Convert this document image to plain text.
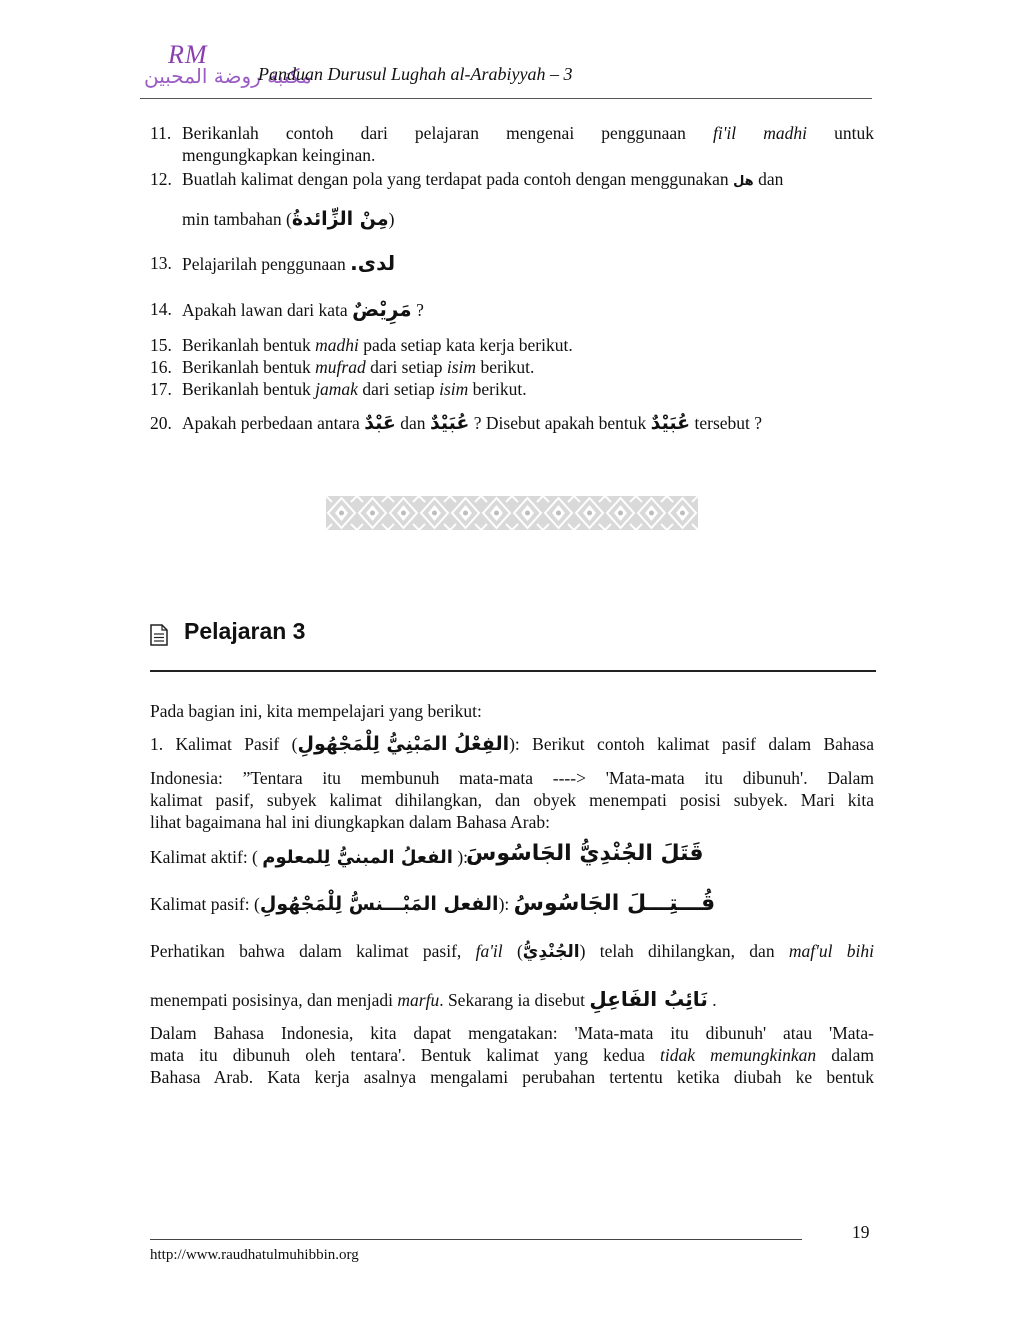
RM
مكتبة روضة المحبين
Panduan Durusul Lughah al-Arabiyyah – 3
11. Berikanlah contoh dari pelajaran mengenai penggunaan fi'il madhi untuk
mengungkapkan keinginan.
12. Buatlah kalimat dengan pola yang terdapat pada contoh dengan menggunakan هل dan
min tambahan (مِنْ الزِّائدةُ)
13. Pelajarilah penggunaan لدى.
14. Apakah lawan dari kata مَرِيْضٌ ?
15. Berikanlah bentuk madhi pada setiap kata kerja berikut.
16. Berikanlah bentuk mufrad dari setiap isim berikut.
17. Berikanlah bentuk jamak dari setiap isim berikut.
20. Apakah perbedaan antara عَبْدٌ dan عُبَيْدٌ ? Disebut apakah bentuk عُبَيْدٌ tersebut ?
Pelajaran 3
Pada bagian ini, kita mempelajari yang berikut:
1. Kalimat Pasif (الفِعْلُ المَبْنِيُّ لِلْمَجْهُولِ): Berikut contoh kalimat pasif dalam Bahasa

Indonesia: ”Tentara itu membunuh mata-mata ----> 'Mata-mata itu dibunuh'. Dalam

kalimat pasif, subyek kalimat dihilangkan, dan obyek menempati posisi subyek. Mari kita

lihat bagaimana hal ini diungkapkan dalam Bahasa Arab:

Kalimat aktif: ( الفعلُ المبنيُّ لِلمعلوم ):
قَتَلَ الجُنْدِيُّ الجَاسُوسَ
Kalimat pasif: (الفعل المَبْـــنسُّ لِلْمَجْهُولِ): قُـــتِـــلَ الجَاسُوسُ
Perhatikan bahwa dalam kalimat pasif, fa'il (الجُنْدِيُّ) telah dihilangkan, dan maf'ul bihi
menempati posisinya, dan menjadi marfu. Sekarang ia disebut نَائِبُ الفَاعِلِ .

Dalam Bahasa Indonesia, kita dapat mengatakan: 'Mata-mata itu dibunuh' atau 'Mata-

mata itu dibunuh oleh tentara'. Bentuk kalimat yang kedua tidak memungkinkan dalam

Bahasa Arab. Kata kerja asalnya mengalami perubahan tertentu ketika diubah ke bentuk

19
http://www.raudhatulmuhibbin.org
